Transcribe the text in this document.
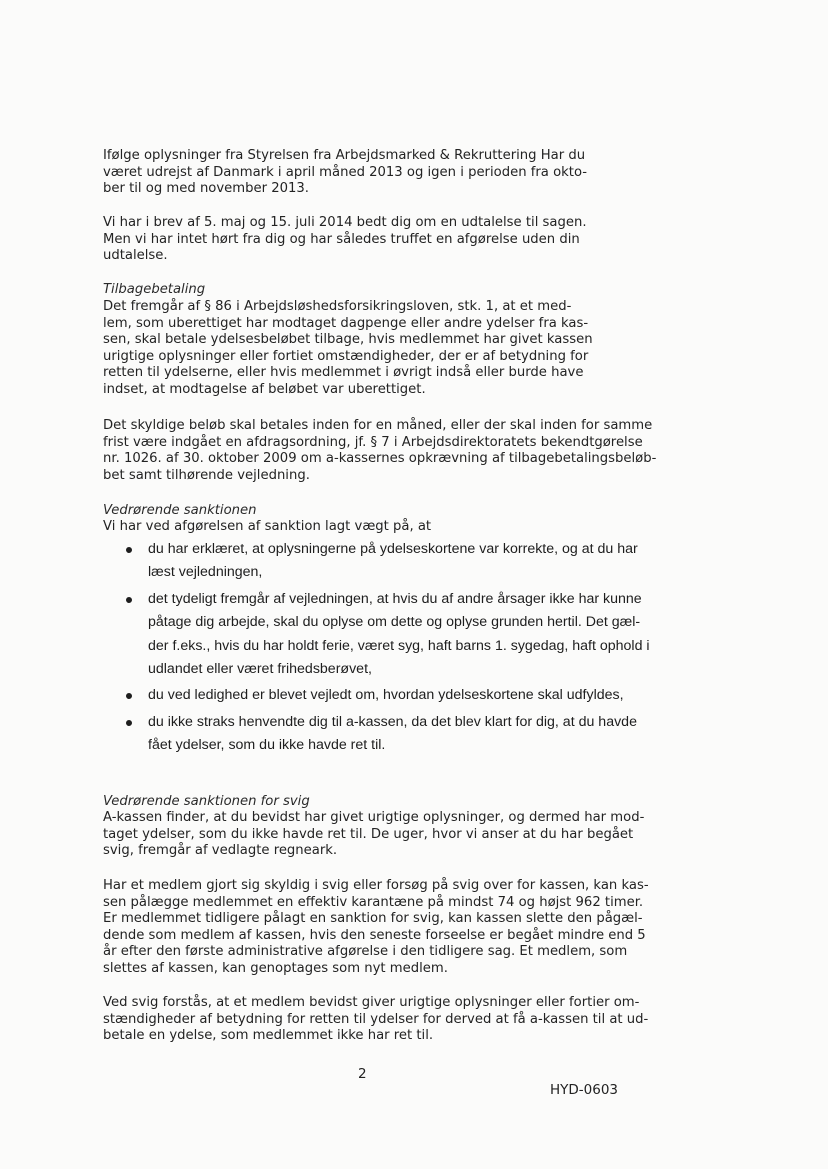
Ifølge oplysninger fra Styrelsen fra Arbejdsmarked & Rekruttering Har du
været udrejst af Danmark i april måned 2013 og igen i perioden fra okto-
ber til og med november 2013.

Vi har i brev af 5. maj og 15. juli 2014 bedt dig om en udtalelse til sagen.
Men vi har intet hørt fra dig og har således truffet en afgørelse uden din
udtalelse.

Tilbagebetaling

Det fremgår af § 86 i Arbejdsløshedsforsikringsloven, stk. 1, at et med-
lem, som uberettiget har modtaget dagpenge eller andre ydelser fra kas-
sen, skal betale ydelsesbeløbet tilbage, hvis medlemmet har givet kassen
urigtige oplysninger eller fortiet omstændigheder, der er af betydning for
retten til ydelserne, eller hvis medlemmet i øvrigt indså eller burde have
indset, at modtagelse af beløbet var uberettiget.

Det skyldige beløb skal betales inden for en måned, eller der skal inden for samme
frist være indgået en afdragsordning, jf. § 7 i Arbejdsdirektoratets bekendtgørelse
nr. 1026. af 30. oktober 2009 om a-kassernes opkrævning af tilbagebetalingsbeløb-
bet samt tilhørende vejledning.

Vedrørende sanktionen

Vi har ved afgørelsen af sanktion lagt vægt på, at

du har erklæret, at oplysningerne på ydelseskortene var korrekte, og at du har
læst vejledningen,
det tydeligt fremgår af vejledningen, at hvis du af andre årsager ikke har kunne
påtage dig arbejde, skal du oplyse om dette og oplyse grunden hertil. Det gæl-
der f.eks., hvis du har holdt ferie, været syg, haft barns 1. sygedag, haft ophold i
udlandet eller været frihedsberøvet,
du ved ledighed er blevet vejledt om, hvordan ydelseskortene skal udfyldes,
du ikke straks henvendte dig til a-kassen, da det blev klart for dig, at du havde
fået ydelser, som du ikke havde ret til.

Vedrørende sanktionen for svig

A-kassen finder, at du bevidst har givet urigtige oplysninger, og dermed har mod-
taget ydelser, som du ikke havde ret til. De uger, hvor vi anser at du har begået
svig, fremgår af vedlagte regneark.

Har et medlem gjort sig skyldig i svig eller forsøg på svig over for kassen, kan kas-
sen pålægge medlemmet en effektiv karantæne på mindst 74 og højst 962 timer.
Er medlemmet tidligere pålagt en sanktion for svig, kan kassen slette den pågæl-
dende som medlem af kassen, hvis den seneste forseelse er begået mindre end 5
år efter den første administrative afgørelse i den tidligere sag. Et medlem, som
slettes af kassen, kan genoptages som nyt medlem.

Ved svig forstås, at et medlem bevidst giver urigtige oplysninger eller fortier om-
stændigheder af betydning for retten til ydelser for derved at få a-kassen til at ud-
betale en ydelse, som medlemmet ikke har ret til.

2
HYD-0603
